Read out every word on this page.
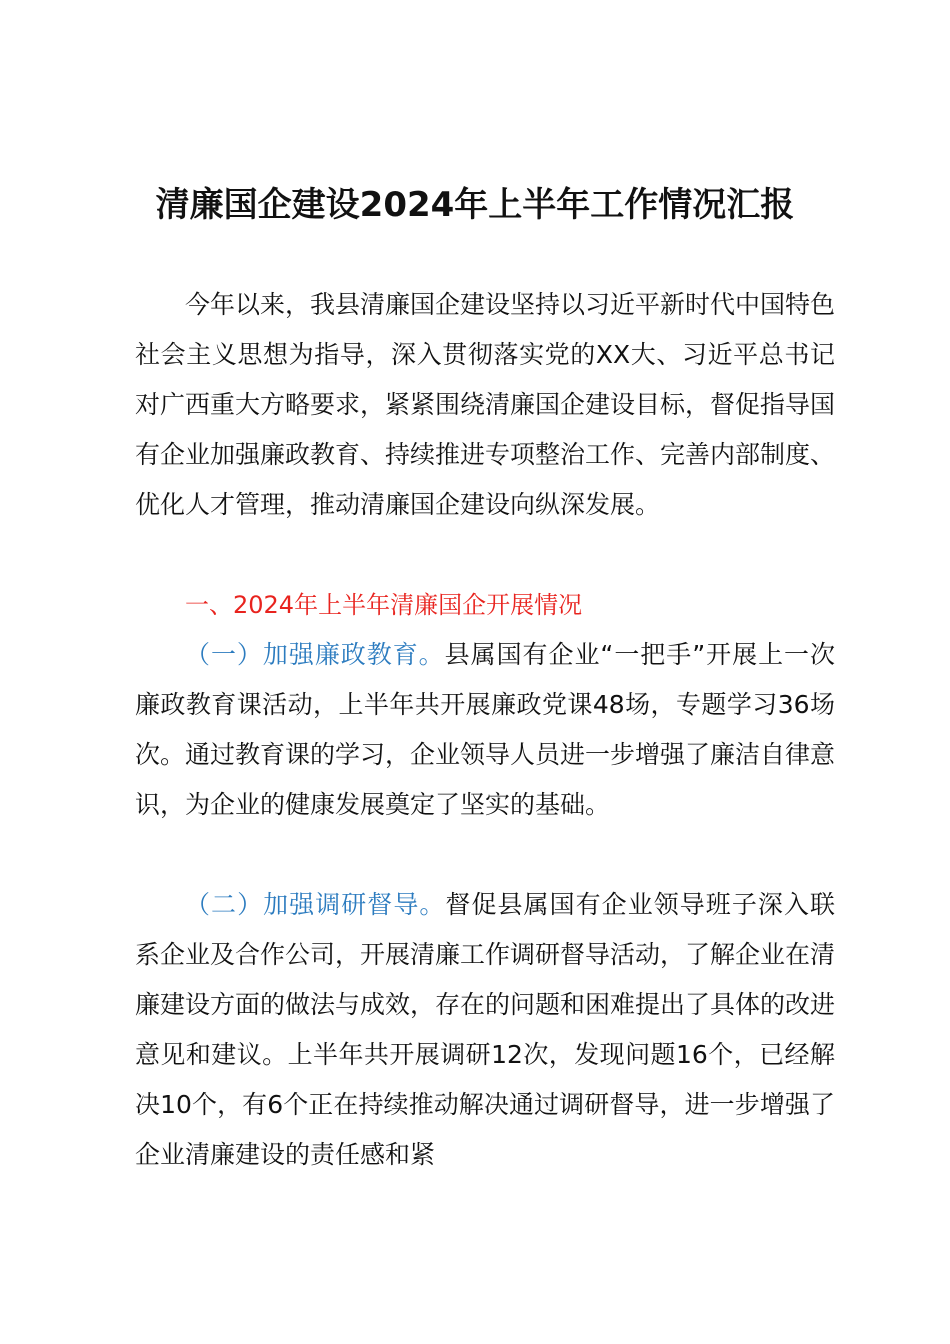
清廉国企建设2024年上半年工作情况汇报
今年以来，我县清廉国企建设坚持以习近平新时代中国特色社会主义思想为指导，深入贯彻落实党的XX大、习近平总书记对广西重大方略要求，紧紧围绕清廉国企建设目标，督促指导国有企业加强廉政教育、持续推进专项整治工作、完善内部制度、优化人才管理，推动清廉国企建设向纵深发展。
一、2024年上半年清廉国企开展情况
（一）加强廉政教育。县属国有企业“一把手”开展上一次廉政教育课活动，上半年共开展廉政党课48场，专题学习36场次。通过教育课的学习，企业领导人员进一步增强了廉洁自律意识，为企业的健康发展奠定了坚实的基础。
（二）加强调研督导。督促县属国有企业领导班子深入联系企业及合作公司，开展清廉工作调研督导活动，了解企业在清廉建设方面的做法与成效，存在的问题和困难提出了具体的改进意见和建议。上半年共开展调研12次，发现问题16个，已经解决10个，有6个正在持续推动解决通过调研督导，进一步增强了企业清廉建设的责任感和紧
